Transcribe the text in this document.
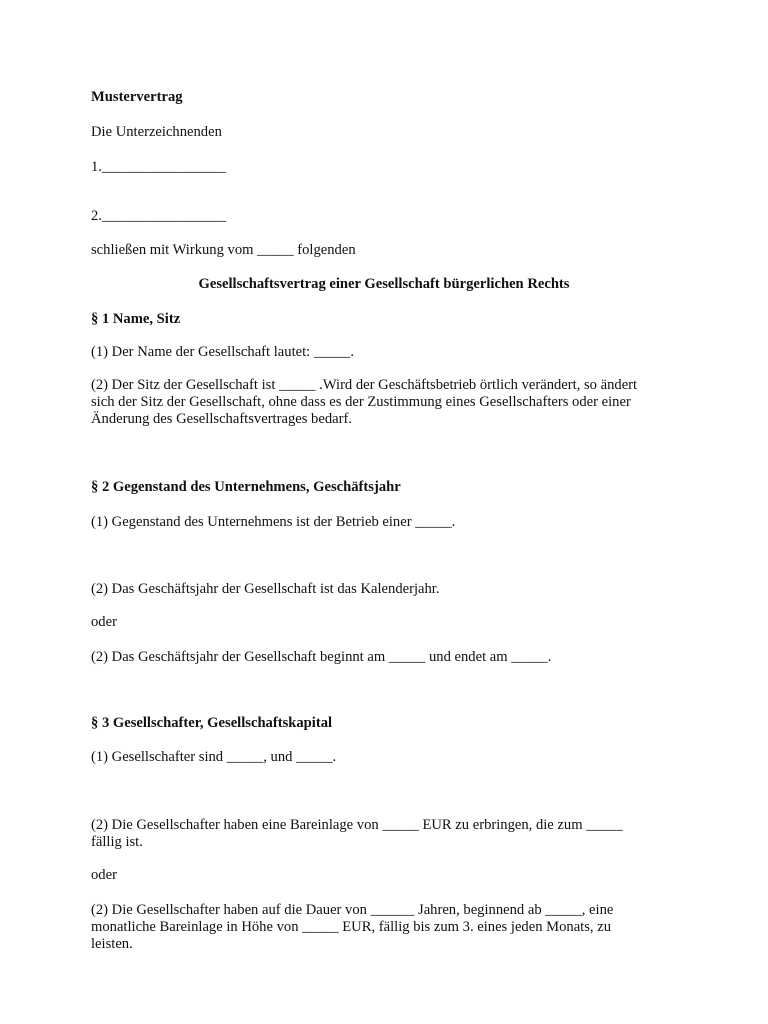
Mustervertrag

Die Unterzeichnenden

1._________________

2._________________

schließen mit Wirkung vom _____ folgenden

Gesellschaftsvertrag einer Gesellschaft bürgerlichen Rechts

§ 1 Name, Sitz

(1) Der Name der Gesellschaft lautet: _____.

(2) Der Sitz der Gesellschaft ist _____ .Wird der Geschäftsbetrieb örtlich verändert, so ändert

sich der Sitz der Gesellschaft, ohne dass es der Zustimmung eines Gesellschafters oder einer

Änderung des Gesellschaftsvertrages bedarf.

§ 2 Gegenstand des Unternehmens, Geschäftsjahr

(1) Gegenstand des Unternehmens ist der Betrieb einer _____.

(2) Das Geschäftsjahr der Gesellschaft ist das Kalenderjahr.

oder

(2) Das Geschäftsjahr der Gesellschaft beginnt am _____ und endet am _____.

§ 3 Gesellschafter, Gesellschaftskapital

(1) Gesellschafter sind _____, und _____.

(2) Die Gesellschafter haben eine Bareinlage von _____ EUR zu erbringen, die zum _____

fällig ist.

oder

(2) Die Gesellschafter haben auf die Dauer von ______ Jahren, beginnend ab _____, eine

monatliche Bareinlage in Höhe von _____ EUR, fällig bis zum 3. eines jeden Monats, zu

leisten.
